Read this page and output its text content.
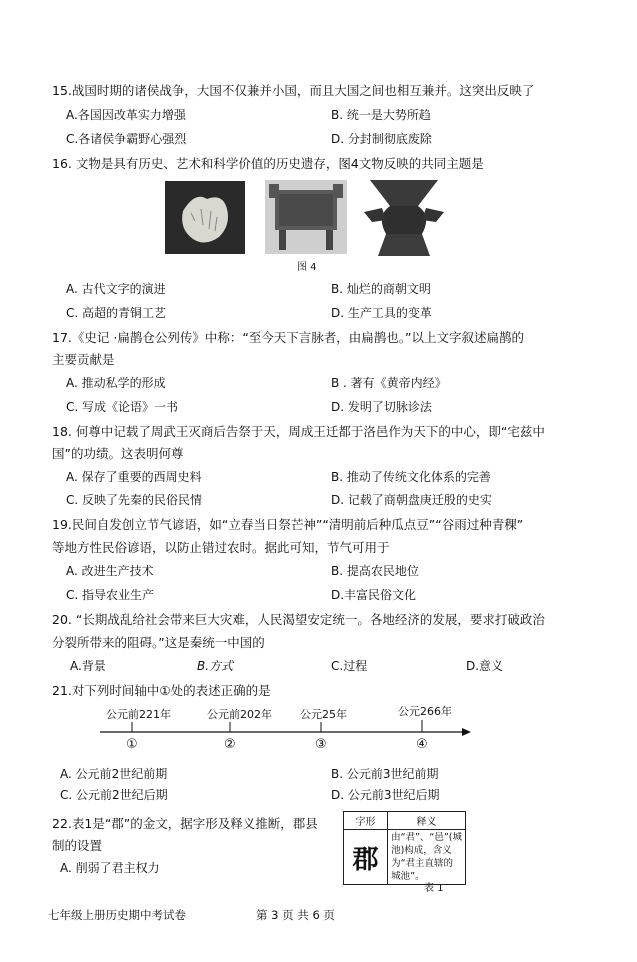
15.战国时期的诸侯战争，大国不仅兼并小国，而且大国之间也相互兼并。这突出反映了
A.各国因改革实力增强	B. 统一是大势所趋
C.各诸侯争霸野心强烈	D. 分封制彻底废除
16. 文物是具有历史、艺术和科学价值的历史遗存，图4文物反映的共同主题是
图 4
A. 古代文字的演进	B. 灿烂的商朝文明
C. 高超的青铜工艺	D. 生产工具的变革
17.《史记 ·扁鹊仓公列传》中称：“至今天下言脉者，由扁鹊也。”以上文字叙述扁鹊的
主要贡献是
A. 推动私学的形成	B . 著有《黄帝内经》
C. 写成《论语》一书	D. 发明了切脉诊法
18. 何尊中记载了周武王灭商后告祭于天，周成王迁都于洛邑作为天下的中心，即“宅兹中
国”的功绩。这表明何尊
A. 保存了重要的西周史料	B. 推动了传统文化体系的完善
C. 反映了先秦的民俗民情	D. 记载了商朝盘庚迁殷的史实
19.民间自发创立节气谚语，如“立春当日祭芒神”“清明前后种瓜点豆”“谷雨过种青稞”
等地方性民俗谚语，以防止错过农时。据此可知，节气可用于
A. 改进生产技术	B. 提高农民地位
C. 指导农业生产	D.丰富民俗文化
20. “长期战乱给社会带来巨大灾难，人民渴望安定统一。各地经济的发展，要求打破政治
分裂所带来的阻碍。”这是秦统一中国的
A.背景	B.方式	C.过程	D.意义
21.对下列时间轴中①处的表述正确的是
公元前221年	公元前202年	公元25年	公元266年
①	②	③	④
A. 公元前2世纪前期	B. 公元前3世纪前期
C. 公元前2世纪后期	D. 公元前3世纪后期
22.表1是“郡”的金文，据字形及释义推断，郡县
制的设置
A. 削弱了君主权力
字形	释义
郡	由“君”、“邑”(城池)构成，含义为“君主直辖的城池”。
表 1
七年级上册历史期中考试卷	第 3 页 共 6 页
